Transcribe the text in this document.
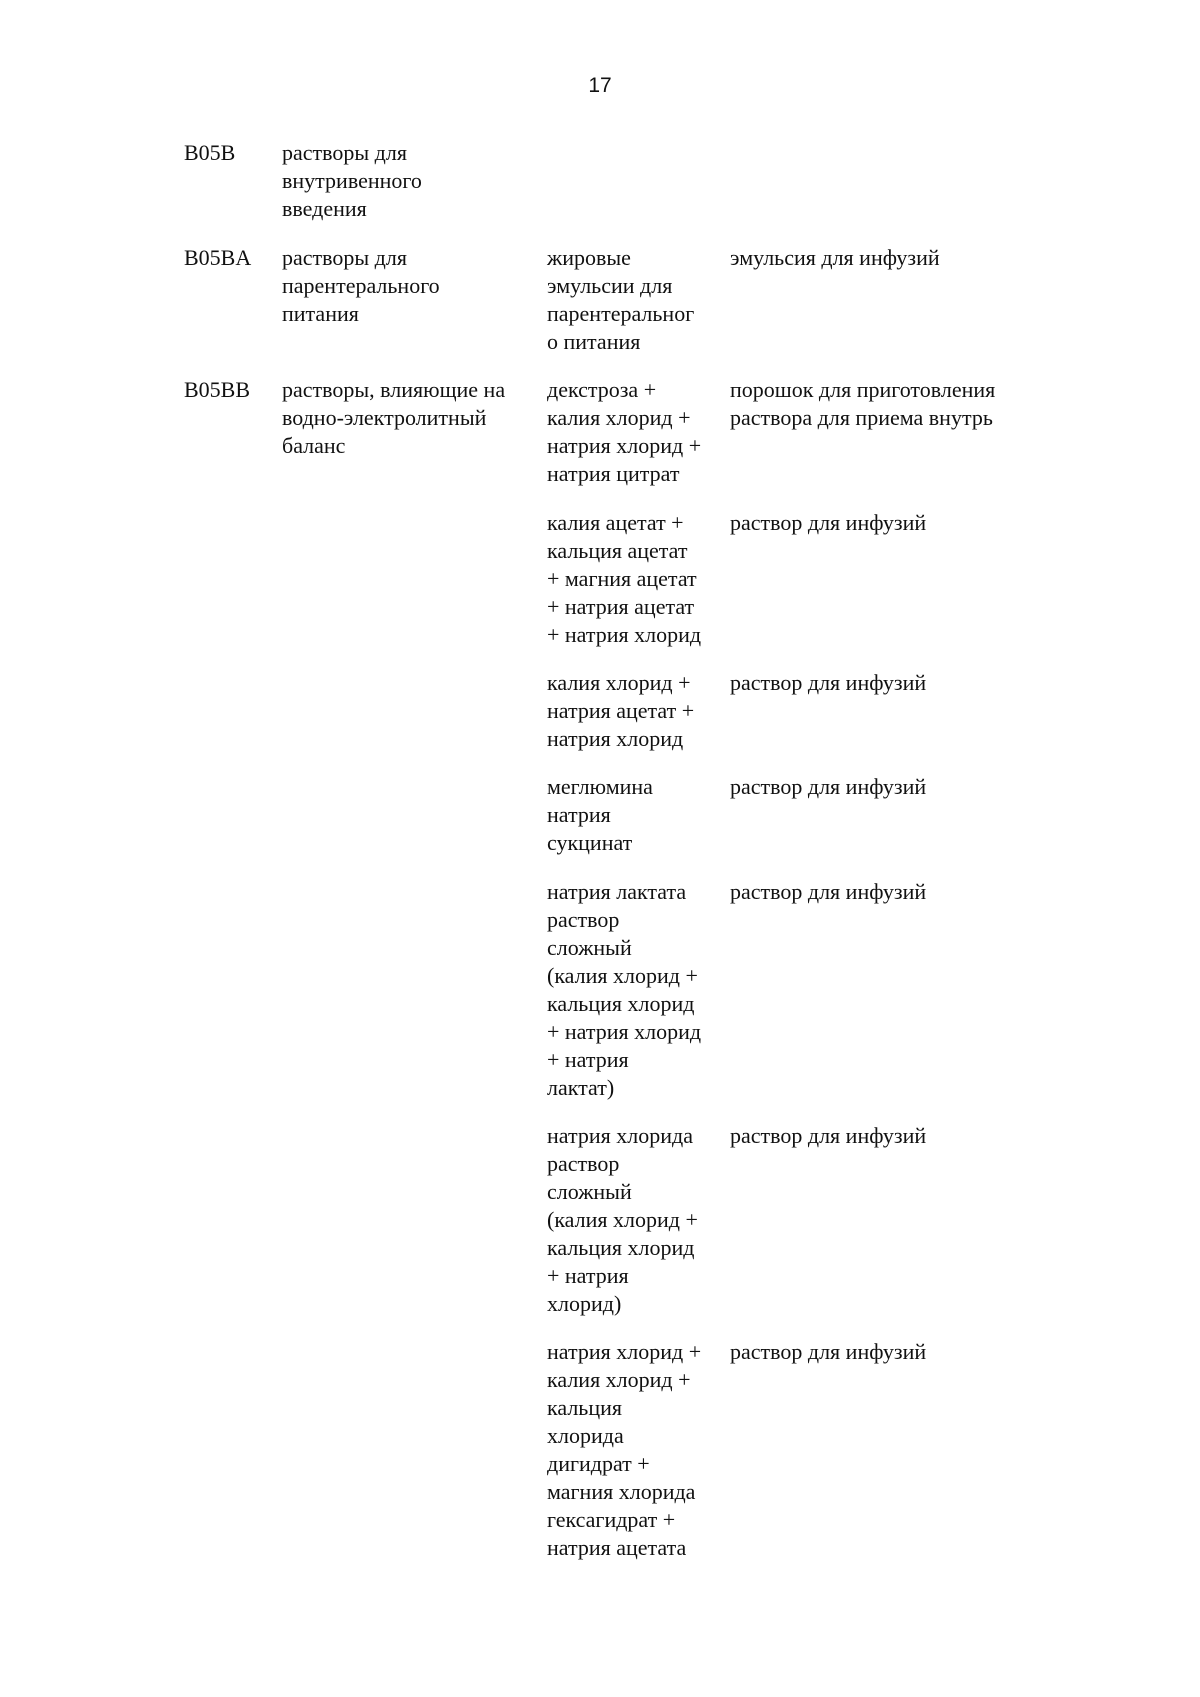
17
B05B растворы для
внутривенного
введения
B05BA растворы для
парентерального
питания
жировые
эмульсии для
парентеральног
о питания
эмульсия для инфузий
B05BB растворы, влияющие на
водно-электролитный
баланс
декстроза +
калия хлорид +
натрия хлорид +
натрия цитрат
порошок для приготовления
раствора для приема внутрь
калия ацетат +
кальция ацетат
+ магния ацетат
+ натрия ацетат
+ натрия хлорид
раствор для инфузий
калия хлорид +
натрия ацетат +
натрия хлорид
раствор для инфузий
меглюмина
натрия
сукцинат
раствор для инфузий
натрия лактата
раствор
сложный
(калия хлорид +
кальция хлорид
+ натрия хлорид
+ натрия
лактат)
раствор для инфузий
натрия хлорида
раствор
сложный
(калия хлорид +
кальция хлорид
+ натрия
хлорид)
раствор для инфузий
натрия хлорид +
калия хлорид +
кальция
хлорида
дигидрат +
магния хлорида
гексагидрат +
натрия ацетата
раствор для инфузий
